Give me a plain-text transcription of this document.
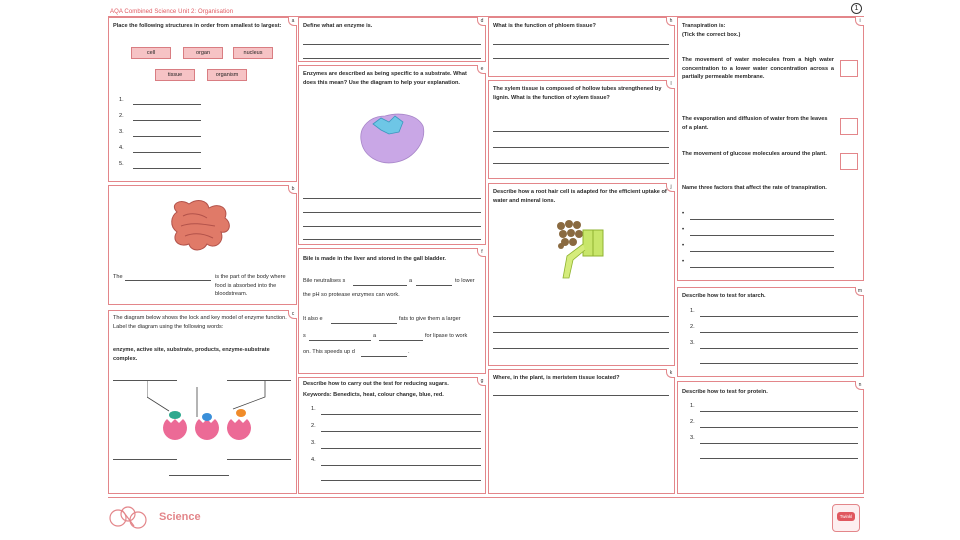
AQA Combined Science Unit 2: Organisation	1
a
Place the following structures in order from smallest to largest:
cell	organ	nucleus
tissue	organism
1.
2.
3.
4.
5.
b
The	is the part of the body where food is absorbed into the bloodstream.
c
The diagram below shows the lock and key model of enzyme function. Label the diagram using the following words:
enzyme, active site, substrate, products, enzyme-substrate complex.
d
Define what an enzyme is.
e
Enzymes are described as being specific to a substrate. What does this mean? Use the diagram to help your explanation.
f
Bile is made in the liver and stored in the gall bladder.
Bile neutralises s	a	to lower
the pH so protease enzymes can work.
It also e	fats to give them a larger
s	a	for lipase to work
on. This speeds up d	.
g
Describe how to carry out the test for reducing sugars.
Keywords: Benedicts, heat, colour change, blue, red.
1.
2.
3.
4.
h
What is the function of phloem tissue?
l
The xylem tissue is composed of hollow tubes strengthened by lignin. What is the function of xylem tissue?
j
Describe how a root hair cell is adapted for the efficient uptake of water and mineral ions.
k
Where, in the plant, is meristem tissue located?
i
Transpiration is:
(Tick the correct box.)
The movement of water molecules from a high water concentration to a lower water concentration across a partially permeable membrane.
The evaporation and diffusion of water from the leaves of a plant.
The movement of glucose molecules around the plant.
Name three factors that affect the rate of transpiration.
•
•
•
•
m
Describe how to test for starch.
1.
2.
3.
n
Describe how to test for protein.
1.
2.
3.
Science	Twinkl
